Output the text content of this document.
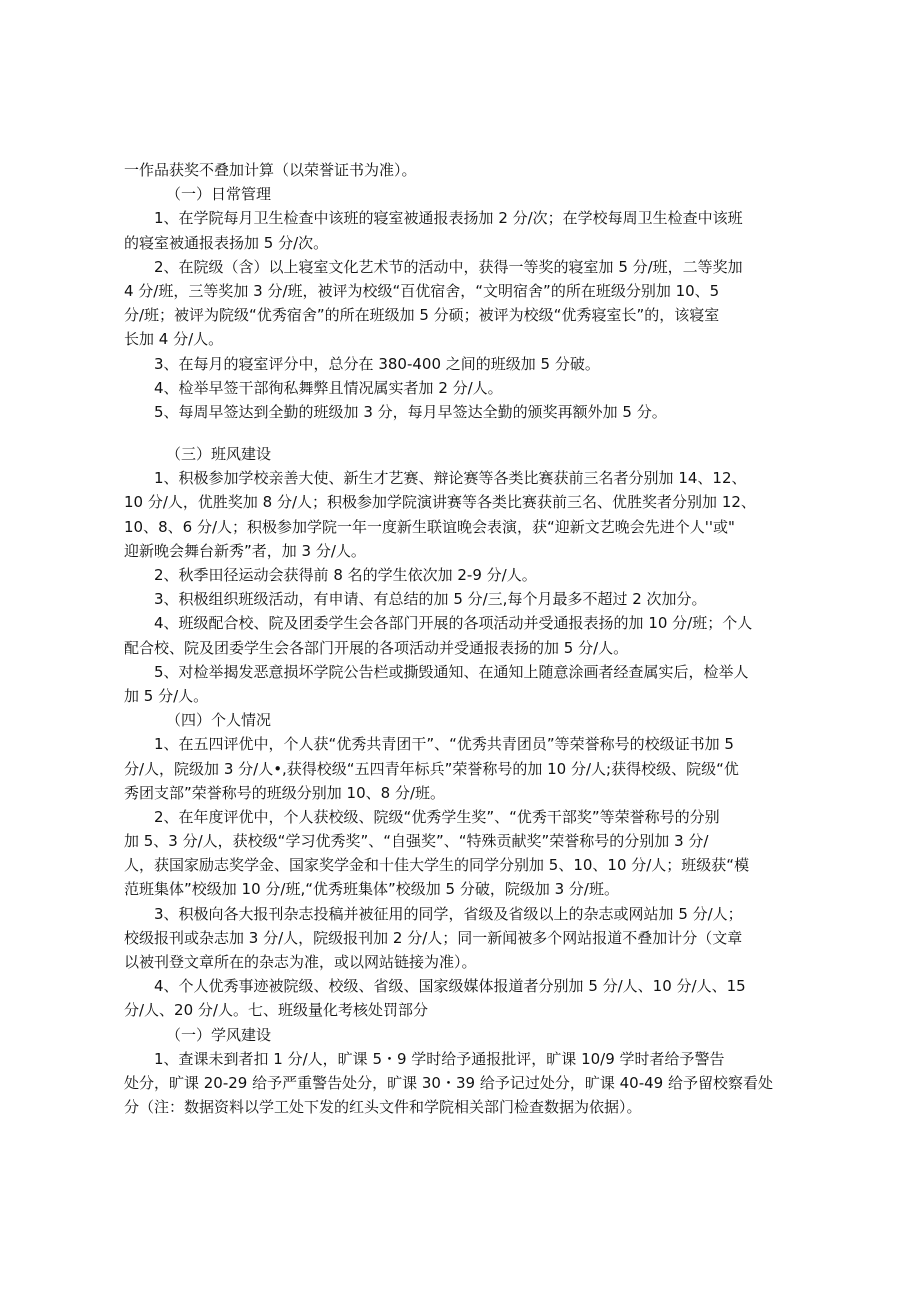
一作品获奖不叠加计算（以荣誉证书为准）。
（一）日常管理
1、在学院每月卫生检查中该班的寝室被通报表扬加 2 分/次；在学校每周卫生检查中该班
的寝室被通报表扬加 5 分/次。
2、在院级（含）以上寝室文化艺术节的活动中，获得一等奖的寝室加 5 分/班，二等奖加
4 分/班，三等奖加 3 分/班，被评为校级“百优宿舍，“文明宿舍”的所在班级分别加 10、5
分/班；被评为院级“优秀宿舍”的所在班级加 5 分硕；被评为校级“优秀寝室长”的，该寝室
长加 4 分/人。
3、在每月的寝室评分中，总分在 380-400 之间的班级加 5 分破。
4、检举早签干部徇私舞弊且情况属实者加 2 分/人。
5、每周早签达到全勤的班级加 3 分，每月早签达全勤的颁奖再额外加 5 分。
（三）班风建设
1、积极参加学校亲善大使、新生才艺赛、辩论赛等各类比赛获前三名者分别加 14、12、
10 分/人，优胜奖加 8 分/人；积极参加学院演讲赛等各类比赛获前三名、优胜奖者分别加 12、
10、8、6 分/人；积极参加学院一年一度新生联谊晚会表演，获“迎新文艺晚会先进个人''或"
迎新晚会舞台新秀”者，加 3 分/人。
2、秋季田径运动会获得前 8 名的学生依次加 2-9 分/人。
3、积极组织班级活动，有申请、有总结的加 5 分/三,每个月最多不超过 2 次加分。
4、班级配合校、院及团委学生会各部门开展的各项活动并受通报表扬的加 10 分/班；个人
配合校、院及团委学生会各部门开展的各项活动并受通报表扬的加 5 分/人。
5、对检举揭发恶意损坏学院公告栏或撕毁通知、在通知上随意涂画者经查属实后，检举人
加 5 分/人。
（四）个人情况
1、在五四评优中，个人获“优秀共青团干”、“优秀共青团员”等荣誉称号的校级证书加 5
分/人，院级加 3 分/人•,获得校级“五四青年标兵”荣誉称号的加 10 分/人;获得校级、院级“优
秀团支部”荣誉称号的班级分别加 10、8 分/班。
2、在年度评优中，个人获校级、院级“优秀学生奖”、“优秀干部奖”等荣誉称号的分别
加 5、3 分/人，获校级“学习优秀奖”、“自强奖”、“特殊贡献奖”荣誉称号的分别加 3 分/
人，获国家励志奖学金、国家奖学金和十佳大学生的同学分别加 5、10、10 分/人；班级获“模
范班集体”校级加 10 分/班,“优秀班集体”校级加 5 分破，院级加 3 分/班。
3、积极向各大报刊杂志投稿并被征用的同学，省级及省级以上的杂志或网站加 5 分/人；
校级报刊或杂志加 3 分/人，院级报刊加 2 分/人；同一新闻被多个网站报道不叠加计分（文章
以被刊登文章所在的杂志为准，或以网站链接为准）。
4、个人优秀事迹被院级、校级、省级、国家级媒体报道者分别加 5 分/人、10 分/人、15
分/人、20 分/人。七、班级量化考核处罚部分
（一）学风建设
1、查课未到者扣 1 分/人，旷课 5・9 学时给予通报批评，旷课 10/9 学时者给予警告
处分，旷课 20-29 给予严重警告处分，旷课 30・39 给予记过处分，旷课 40-49 给予留校察看处
分（注：数据资料以学工处下发的红头文件和学院相关部门检查数据为依据）。
